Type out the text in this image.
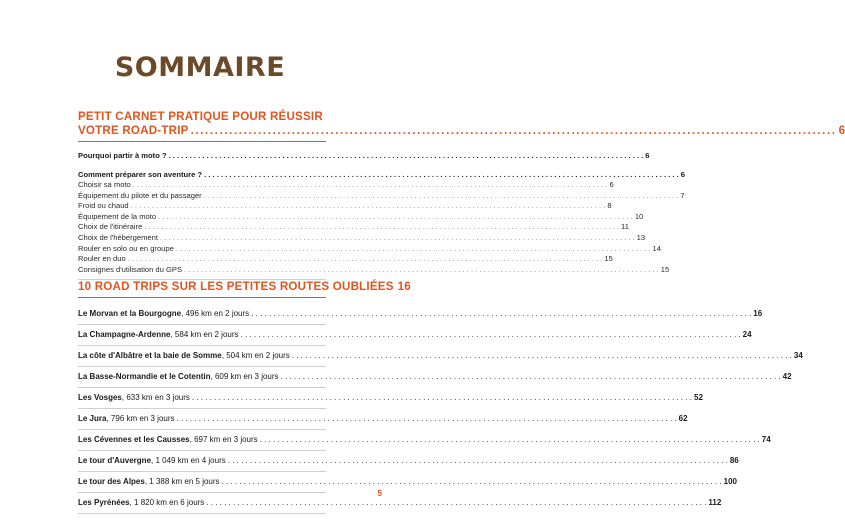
SOMMAIRE
PETIT CARNET PRATIQUE POUR RÉUSSIR
VOTRE ROAD-TRIP .....	6
Pourquoi partir à moto ? . . .	6
Comment préparer son aventure ? . . .	6
Choisir sa moto . . .	6
Équipement du pilote et du passager . . .	7
Froid ou chaud . . .	8
Équipement de la moto . . .	10
Choix de l'itinéraire . . .	11
Choix de l'hébergement . . .	13
Rouler en solo ou en groupe . . .	14
Rouler en duo . . .	15
Consignes d'utilisation du GPS . . .	15
10 ROAD TRIPS SUR LES PETITES ROUTES OUBLIÉES 16
Le Morvan et la Bourgogne, 496 km en 2 jours . . .	16
La Champagne-Ardenne, 584 km en 2 jours . . .	24
La côte d'Albâtre et la baie de Somme, 504 km en 2 jours . . .	34
La Basse-Normandie et le Cotentin, 609 km en 3 jours . . .	42
Les Vosges, 633 km en 3 jours . . .	52
Le Jura, 796 km en 3 jours . . .	62
Les Cévennes et les Causses, 697 km en 3 jours . . .	74
Le tour d'Auvergne, 1 049 km en 4 jours . . .	86
Le tour des Alpes, 1 388 km en 5 jours . . .	100
Les Pyrénées, 1 820 km en 6 jours . . .	112
5
